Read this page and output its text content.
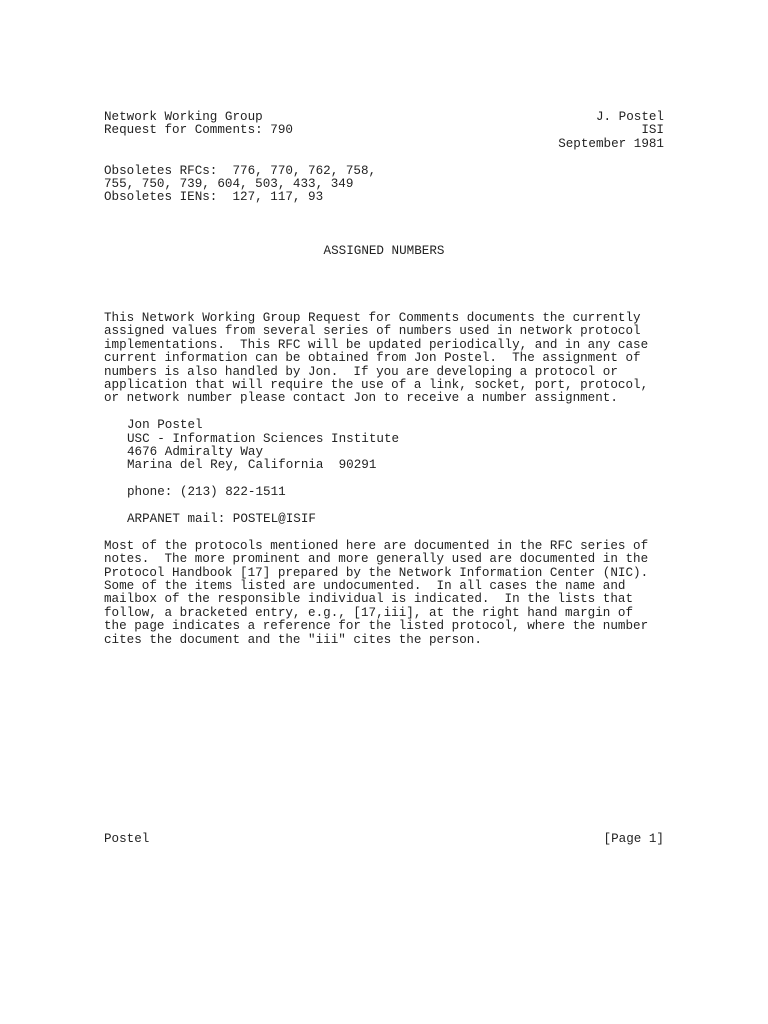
Network Working Group	J. Postel
Request for Comments: 790	ISI
September 1981
Obsoletes RFCs:  776, 770, 762, 758,
755, 750, 739, 604, 503, 433, 349
Obsoletes IENs:  127, 117, 93
ASSIGNED NUMBERS
This Network Working Group Request for Comments documents the currently
assigned values from several series of numbers used in network protocol
implementations.  This RFC will be updated periodically, and in any case
current information can be obtained from Jon Postel.  The assignment of
numbers is also handled by Jon.  If you are developing a protocol or
application that will require the use of a link, socket, port, protocol,
or network number please contact Jon to receive a number assignment.
Jon Postel
USC - Information Sciences Institute
4676 Admiralty Way
Marina del Rey, California  90291
phone: (213) 822-1511
ARPANET mail: POSTEL@ISIF
Most of the protocols mentioned here are documented in the RFC series of
notes.  The more prominent and more generally used are documented in the
Protocol Handbook [17] prepared by the Network Information Center (NIC).
Some of the items listed are undocumented.  In all cases the name and
mailbox of the responsible individual is indicated.  In the lists that
follow, a bracketed entry, e.g., [17,iii], at the right hand margin of
the page indicates a reference for the listed protocol, where the number
cites the document and the "iii" cites the person.
Postel	[Page 1]
